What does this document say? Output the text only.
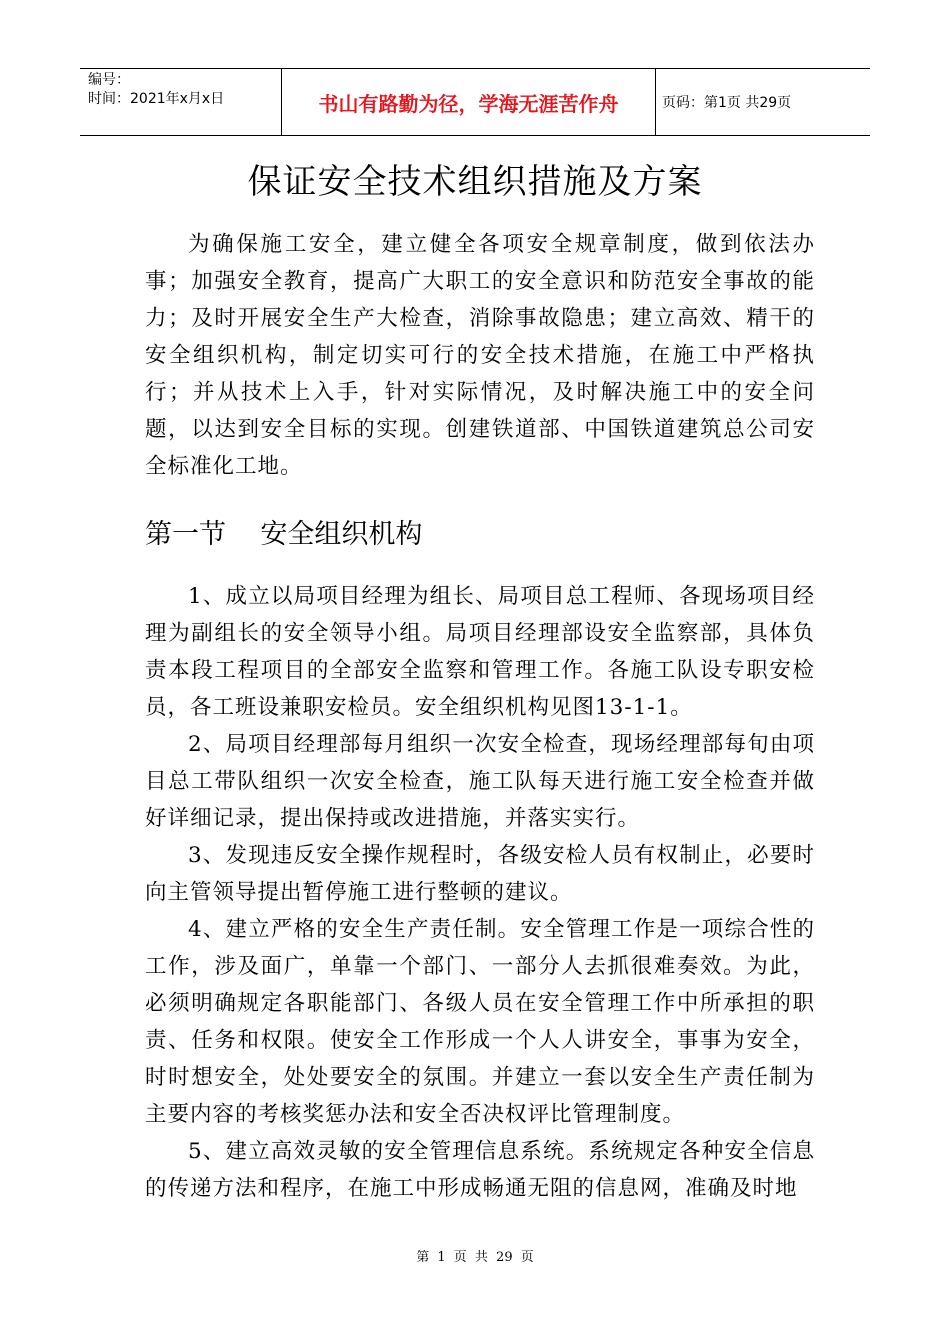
编号：
时间：2021年x月x日	书山有路勤为径，学海无涯苦作舟	页码：第1页 共29页
保证安全技术组织措施及方案

为确保施工安全，建立健全各项安全规章制度，做到依法办事；加强安全教育，提高广大职工的安全意识和防范安全事故的能力；及时开展安全生产大检查，消除事故隐患；建立高效、精干的安全组织机构，制定切实可行的安全技术措施，在施工中严格执行；并从技术上入手，针对实际情况，及时解决施工中的安全问题，以达到安全目标的实现。创建铁道部、中国铁道建筑总公司安全标准化工地。

第一节    安全组织机构

1、成立以局项目经理为组长、局项目总工程师、各现场项目经理为副组长的安全领导小组。局项目经理部设安全监察部，具体负责本段工程项目的全部安全监察和管理工作。各施工队设专职安检员，各工班设兼职安检员。安全组织机构见图13-1-1。

2、局项目经理部每月组织一次安全检查，现场经理部每旬由项目总工带队组织一次安全检查，施工队每天进行施工安全检查并做好详细记录，提出保持或改进措施，并落实实行。

3、发现违反安全操作规程时，各级安检人员有权制止，必要时向主管领导提出暂停施工进行整顿的建议。

4、建立严格的安全生产责任制。安全管理工作是一项综合性的工作，涉及面广，单靠一个部门、一部分人去抓很难奏效。为此，必须明确规定各职能部门、各级人员在安全管理工作中所承担的职责、任务和权限。使安全工作形成一个人人讲安全，事事为安全，时时想安全，处处要安全的氛围。并建立一套以安全生产责任制为主要内容的考核奖惩办法和安全否决权评比管理制度。

5、建立高效灵敏的安全管理信息系统。系统规定各种安全信息的传递方法和程序，在施工中形成畅通无阻的信息网，准确及时地

第 1 页 共 29 页
